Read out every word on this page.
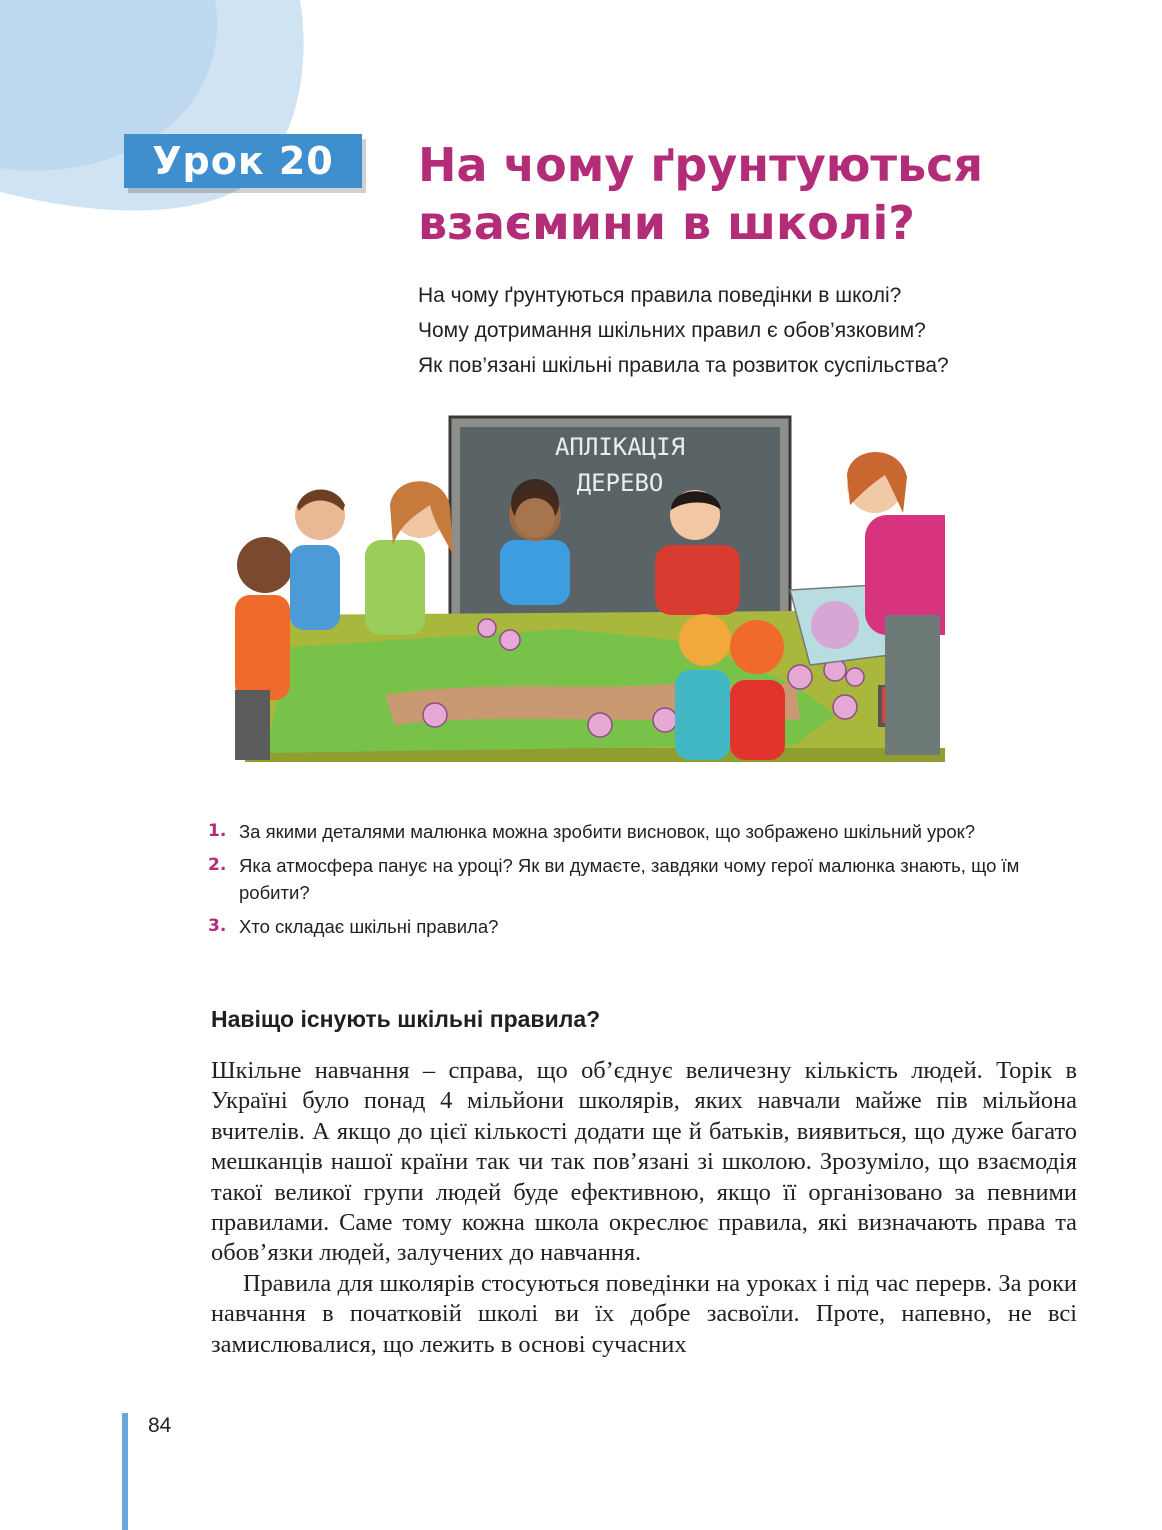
Урок 20	На чому ґрунтуються
взаємини в школі?
На чому ґрунтуються правила поведінки в школі?
Чому дотримання шкільних правил є обов’язковим?
Як пов’язані шкільні правила та розвиток суспільства?
АПЛІКАЦІЯ
ДЕРЕВО
1. За якими деталями малюнка можна зробити висновок, що зображено шкільний урок?
2. Яка атмосфера панує на уроці? Як ви думаєте, завдяки чому герої малюнка знають, що їм робити?
3. Хто складає шкільні правила?
Навіщо існують шкільні правила?

Шкільне навчання – справа, що об’єднує величезну кількість людей. Торік в Україні було понад 4 мільйони школярів, яких навчали майже пів мільйона вчителів. А якщо до цієї кількості додати ще й батьків, виявиться, що дуже багато мешканців нашої країни так чи так пов’язані зі школою. Зрозуміло, що взаємодія такої великої групи людей буде ефективною, якщо її організовано за певними правилами. Саме тому кожна школа окреслює правила, які визначають права та обов’язки людей, залучених до навчання.

Правила для школярів стосуються поведінки на уроках і під час перерв. За роки навчання в початковій школі ви їх добре засвоїли. Проте, напевно, не всі замислювалися, що лежить в основі сучасних

84
